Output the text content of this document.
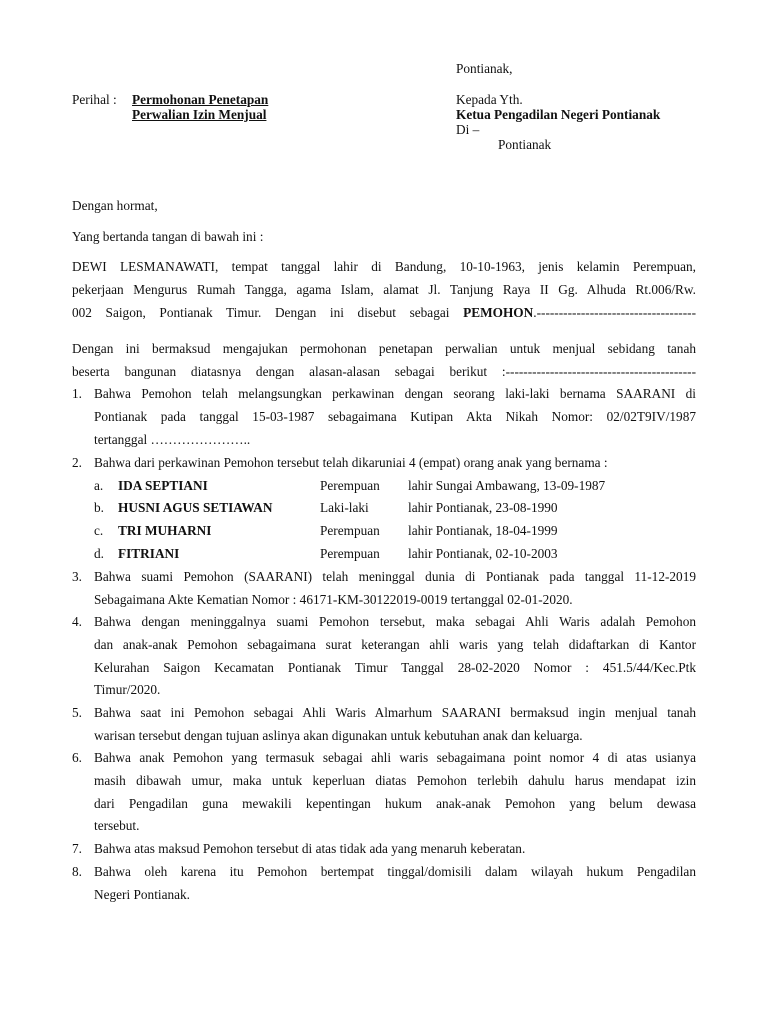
Pontianak,
Perihal : Permohonan Penetapan
Perwalian Izin Menjual
Kepada Yth.
Ketua Pengadilan Negeri Pontianak
Di –
Pontianak
Dengan hormat,
Yang bertanda tangan di bawah ini :
DEWI LESMANAWATI, tempat tanggal lahir di Bandung, 10-10-1963, jenis kelamin Perempuan,
pekerjaan Mengurus Rumah Tangga, agama Islam, alamat Jl. Tanjung Raya II Gg. Alhuda Rt.006/Rw.
002 Saigon, Pontianak Timur. Dengan ini disebut sebagai PEMOHON.------------------------------------
Dengan ini bermaksud mengajukan permohonan penetapan perwalian untuk menjual sebidang tanah
beserta bangunan diatasnya dengan alasan-alasan sebagai berikut :-------------------------------------------
1. Bahwa Pemohon telah melangsungkan perkawinan dengan seorang laki-laki bernama SAARANI di
Pontianak pada tanggal 15-03-1987 sebagaimana Kutipan Akta Nikah Nomor: 02/02T9IV/1987
tertanggal …………………..
2. Bahwa dari perkawinan Pemohon tersebut telah dikaruniai 4 (empat) orang anak yang bernama :
a. IDA SEPTIANI	Perempuan lahir Sungai Ambawang, 13-09-1987
b. HUSNI AGUS SETIAWAN	Laki-laki	lahir Pontianak, 23-08-1990
c. TRI MUHARNI	Perempuan lahir Pontianak, 18-04-1999
d. FITRIANI	Perempuan lahir Pontianak, 02-10-2003
3. Bahwa suami Pemohon (SAARANI) telah meninggal dunia di Pontianak pada tanggal 11-12-2019
Sebagaimana Akte Kematian Nomor : 46171-KM-30122019-0019 tertanggal 02-01-2020.
4. Bahwa dengan meninggalnya suami Pemohon tersebut, maka sebagai Ahli Waris adalah Pemohon
dan anak-anak Pemohon sebagaimana surat keterangan ahli waris yang telah didaftarkan di Kantor
Kelurahan Saigon Kecamatan Pontianak Timur Tanggal 28-02-2020 Nomor : 451.5/44/Kec.Ptk
Timur/2020.
5. Bahwa saat ini Pemohon sebagai Ahli Waris Almarhum SAARANI bermaksud ingin menjual tanah
warisan tersebut dengan tujuan aslinya akan digunakan untuk kebutuhan anak dan keluarga.
6. Bahwa anak Pemohon yang termasuk sebagai ahli waris sebagaimana point nomor 4 di atas usianya
masih dibawah umur, maka untuk keperluan diatas Pemohon terlebih dahulu harus mendapat izin
dari Pengadilan guna mewakili kepentingan hukum anak-anak Pemohon yang belum dewasa
tersebut.
7. Bahwa atas maksud Pemohon tersebut di atas tidak ada yang menaruh keberatan.
8. Bahwa oleh karena itu Pemohon bertempat tinggal/domisili dalam wilayah hukum Pengadilan
Negeri Pontianak.
